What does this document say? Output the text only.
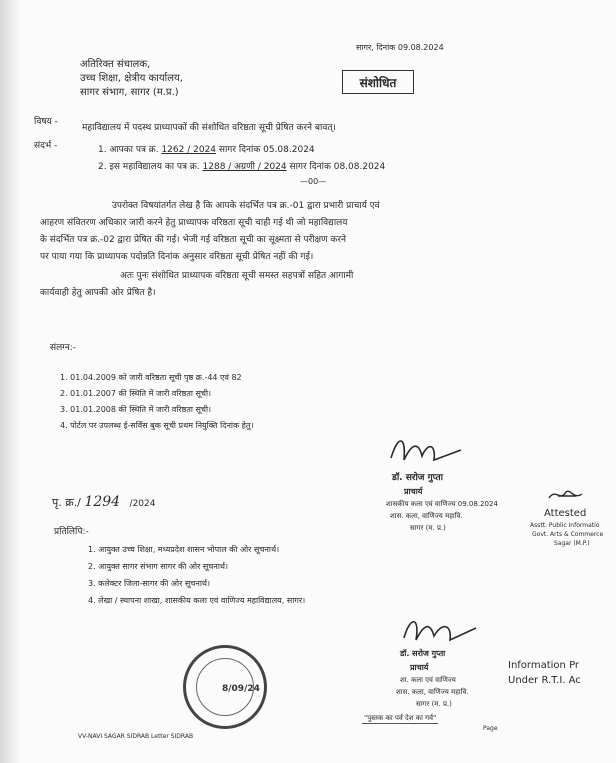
सागर, दिनांक 09.08.2024
अतिरिक्त संचालक,
उच्च शिक्षा, क्षेत्रीय कार्यालय,
सागर संभाग, सागर (म.प्र.)
संशोधित
विषय -
महाविद्यालय में पदस्थ प्राध्यापकों की संशोधित वरिष्ठता सूची प्रेषित करने बावत्।
संदर्भ -	1. आपका पत्र क्र. 1262 / 2024 सागर दिनांक 05.08.2024
2. इस महाविद्यालय का पत्र क्र. 1288 / अग्रणी / 2024 सागर दिनांक 08.08.2024
—00—
उपरोक्त विषयांतर्गत लेख है कि आपके संदर्भित पत्र क्र.-01 द्वारा प्रभारी प्राचार्य एवं
आहरण संवितरण अधिकार जारी करने हेतु प्राध्यापक वरिष्ठता सूची चाही गई थी जो महाविद्यालय
के संदर्भित पत्र क्र.-02 द्वारा प्रेषित की गई। भेजी गई वरिष्ठता सूची का सूक्ष्मता से परीक्षण करने
पर पाया गया कि प्राध्यापक पदोन्नति दिनांक अनुसार वरिष्ठता सूची प्रेषित नहीं की गई।
अतः पुनः संशोधित प्राध्यापक वरिष्ठता सूची समस्त सहपत्रों सहित आगामी
कार्यवाही हेतु आपकी ओर प्रेषित है।
संलग्न:-
1. 01.04.2009 को जारी वरिष्ठता सूची पृष्ठ क्र.-44 एवं 82
2. 01.01.2007 की स्थिति में जारी वरिष्ठता सूची।
3. 01.01.2008 की स्थिति में जारी वरिष्ठता सूची।
4. पोर्टल पर उपलब्ध ई-सर्विस बुक सूची प्रथम नियुक्ति दिनांक हेतु।
डॉ. सरोज गुप्ता
प्राचार्य
शासकीय कला एवं वाणिज्य 09.08.2024
शास. कला, वाणिज्य महावि.
सागर (म. प्र.)
पृ. क्र./ 1294 /2024
Attested
Asstt. Public Informatio
Govt. Arts & Commerce
Sagar (M.P.)
प्रतिलिपि:-
1. आयुक्त उच्च शिक्षा, मध्यप्रदेश शासन भोपाल की ओर सूचनार्थ।
2. आयुक्त सागर संभाग सागर की ओर सूचनार्थ।
3. कलेक्टर जिला-सागर की ओर सूचनार्थ।
4. लेखा / स्थापना शाखा, शासकीय कला एवं वाणिज्य महाविद्यालय, सागर।
डॉ. सरोज गुप्ता
प्राचार्य
शा. कला एवं वाणिज्य
शास. कला, वाणिज्य महावि.
सागर (म. प्र.)
Information Pr
Under R.T.I. Ac
8/09/24
VV-NAVI SAGAR SIDRAB Letter SIDRAB
"पुस्तक का पर्व देश का गर्व"
Page
